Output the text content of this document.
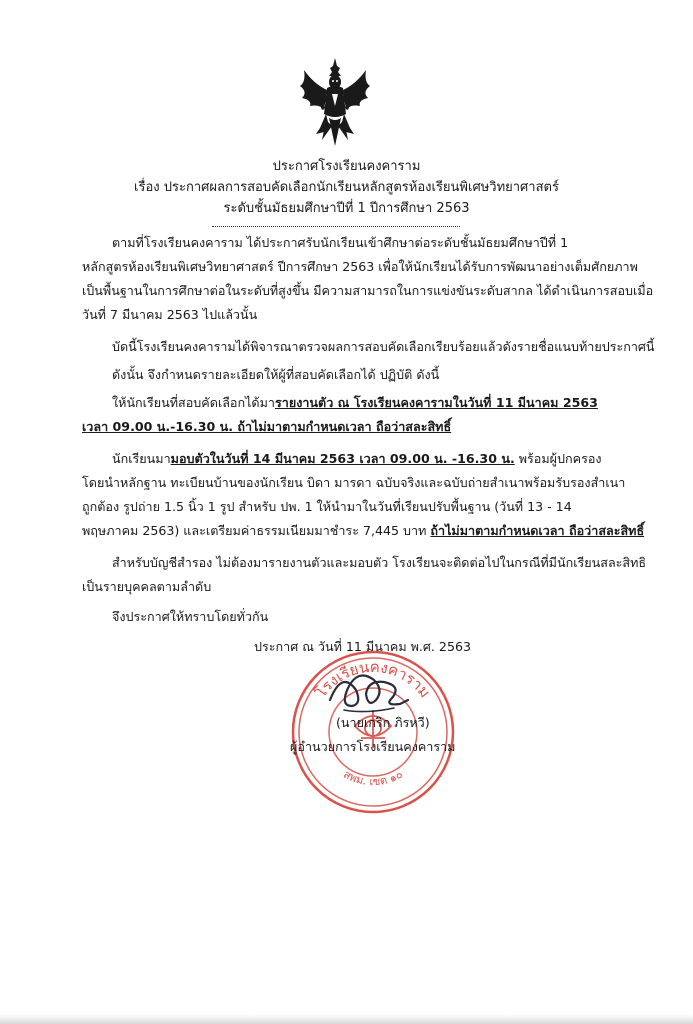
ประกาศโรงเรียนคงคาราม
เรื่อง ประกาศผลการสอบคัดเลือกนักเรียนหลักสูตรห้องเรียนพิเศษวิทยาศาสตร์
ระดับชั้นมัธยมศึกษาปีที่ 1 ปีการศึกษา 2563
ตามที่โรงเรียนคงคาราม ได้ประกาศรับนักเรียนเข้าศึกษาต่อระดับชั้นมัธยมศึกษาปีที่ 1
หลักสูตรห้องเรียนพิเศษวิทยาศาสตร์ ปีการศึกษา 2563 เพื่อให้นักเรียนได้รับการพัฒนาอย่างเต็มศักยภาพ
เป็นพื้นฐานในการศึกษาต่อในระดับที่สูงขึ้น มีความสามารถในการแข่งขันระดับสากล ได้ดำเนินการสอบเมื่อ
วันที่ 7 มีนาคม 2563 ไปแล้วนั้น
บัดนี้โรงเรียนคงคารามได้พิจารณาตรวจผลการสอบคัดเลือกเรียบร้อยแล้วดังรายชื่อแนบท้ายประกาศนี้
ดังนั้น จึงกำหนดรายละเอียดให้ผู้ที่สอบคัดเลือกได้ ปฏิบัติ ดังนี้
ให้นักเรียนที่สอบคัดเลือกได้มารายงานตัว ณ โรงเรียนคงคารามในวันที่ 11 มีนาคม 2563
เวลา 09.00 น.-16.30 น. ถ้าไม่มาตามกำหนดเวลา ถือว่าสละสิทธิ์
นักเรียนมามอบตัวในวันที่ 14 มีนาคม 2563 เวลา 09.00 น. -16.30 น. พร้อมผู้ปกครอง
โดยนำหลักฐาน ทะเบียนบ้านของนักเรียน บิดา มารดา ฉบับจริงและฉบับถ่ายสำเนาพร้อมรับรองสำเนา
ถูกต้อง รูปถ่าย 1.5 นิ้ว 1 รูป สำหรับ ปพ. 1 ให้นำมาในวันที่เรียนปรับพื้นฐาน (วันที่ 13 - 14
พฤษภาคม 2563) และเตรียมค่าธรรมเนียมมาชำระ 7,445 บาท ถ้าไม่มาตามกำหนดเวลา ถือว่าสละสิทธิ์
สำหรับบัญชีสำรอง ไม่ต้องมารายงานตัวและมอบตัว โรงเรียนจะติดต่อไปในกรณีที่มีนักเรียนสละสิทธิ
เป็นรายบุคคลตามลำดับ
จึงประกาศให้ทราบโดยทั่วกัน
ประกาศ ณ วันที่ 11 มีนาคม พ.ศ. 2563
โรงเรียนคงคาราม
สพม. เขต ๑๐
(นายเกริก ภิรหวี)
ผู้อำนวยการโรงเรียนคงคาราม
